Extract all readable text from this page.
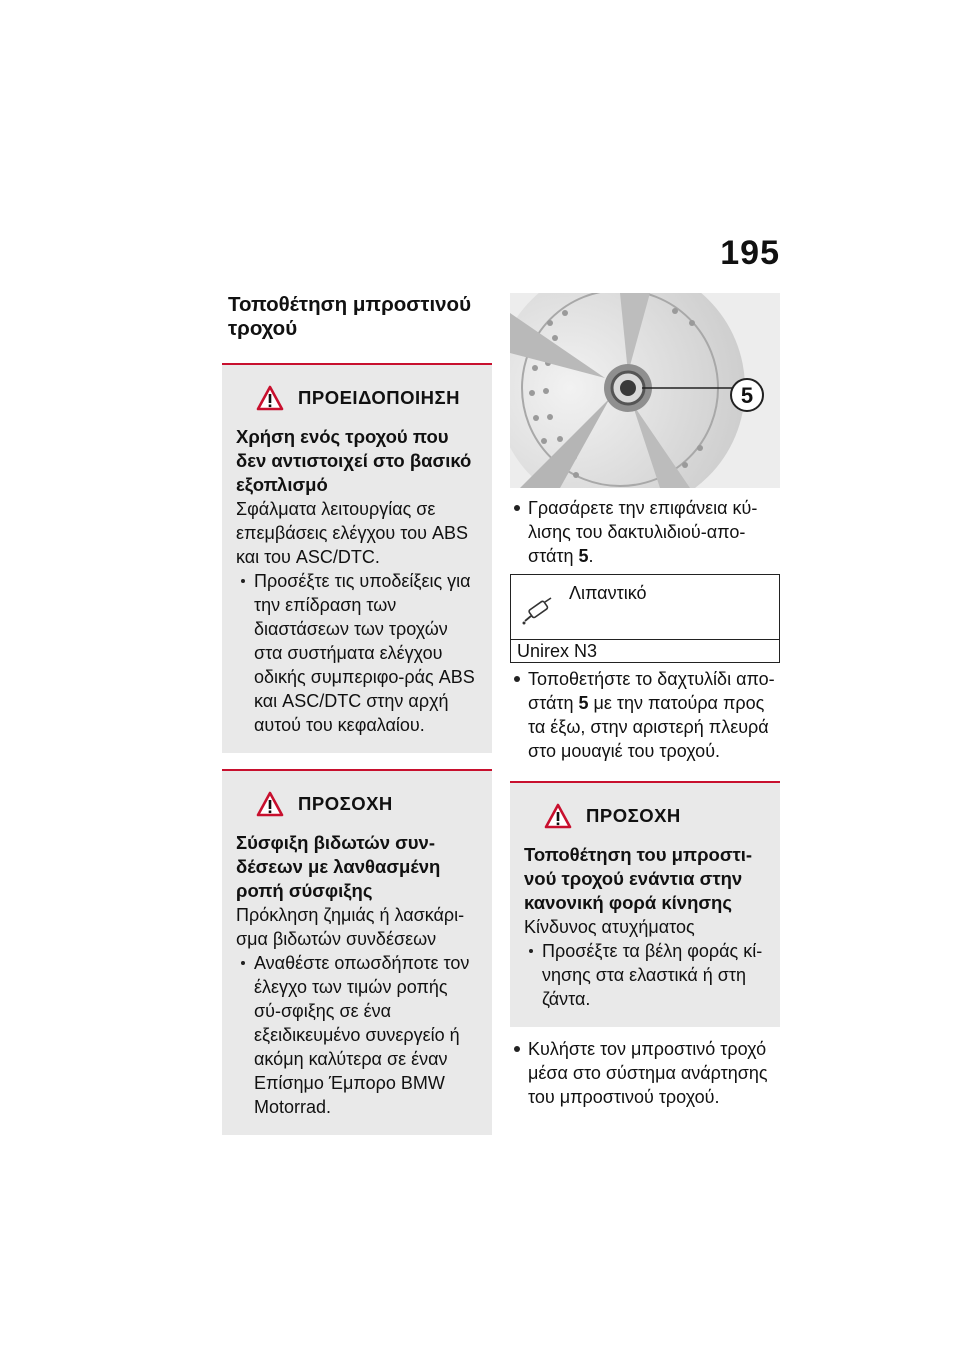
195
Τοποθέτηση μπροστινού τροχού
ΠΡΟΕΙΔΟΠΟΙΗΣΗ
Χρήση ενός τροχού που δεν αντιστοιχεί στο βασικό εξοπλισμό
Σφάλματα λειτουργίας σε επεμβάσεις ελέγχου του ABS και του ASC/DTC.
Προσέξτε τις υποδείξεις για την επίδραση των διαστάσεων των τροχών στα συστήματα ελέγχου οδικής συμπεριφο-ράς ABS και ASC/DTC στην αρχή αυτού του κεφαλαίου.
ΠΡΟΣΟΧΗ
Σύσφιξη βιδωτών συν-δέσεων με λανθασμένη ροπή σύσφιξης
Πρόκληση ζημιάς ή λασκάρι-σμα βιδωτών συνδέσεων
Αναθέστε οπωσδήποτε τον έλεγχο των τιμών ροπής σύ-σφιξης σε ένα εξειδικευμένο συνεργείο ή ακόμη καλύτερα σε έναν Επίσημο Έμπορο BMW Motorrad.
5
Γρασάρετε την επιφάνεια κύ-λισης του δακτυλιδιού-απο-στάτη 5.
Λιπαντικό
Unirex N3
Τοποθετήστε το δαχτυλίδι απο-στάτη 5 με την πατούρα προς τα έξω, στην αριστερή πλευρά στο μουαγιέ του τροχού.
ΠΡΟΣΟΧΗ
Τοποθέτηση του μπροστι-νού τροχού ενάντια στην κανονική φορά κίνησης
Κίνδυνος ατυχήματος
Προσέξτε τα βέλη φοράς κί-νησης στα ελαστικά ή στη ζάντα.
Κυλήστε τον μπροστινό τροχό μέσα στο σύστημα ανάρτησης του μπροστινού τροχού.
